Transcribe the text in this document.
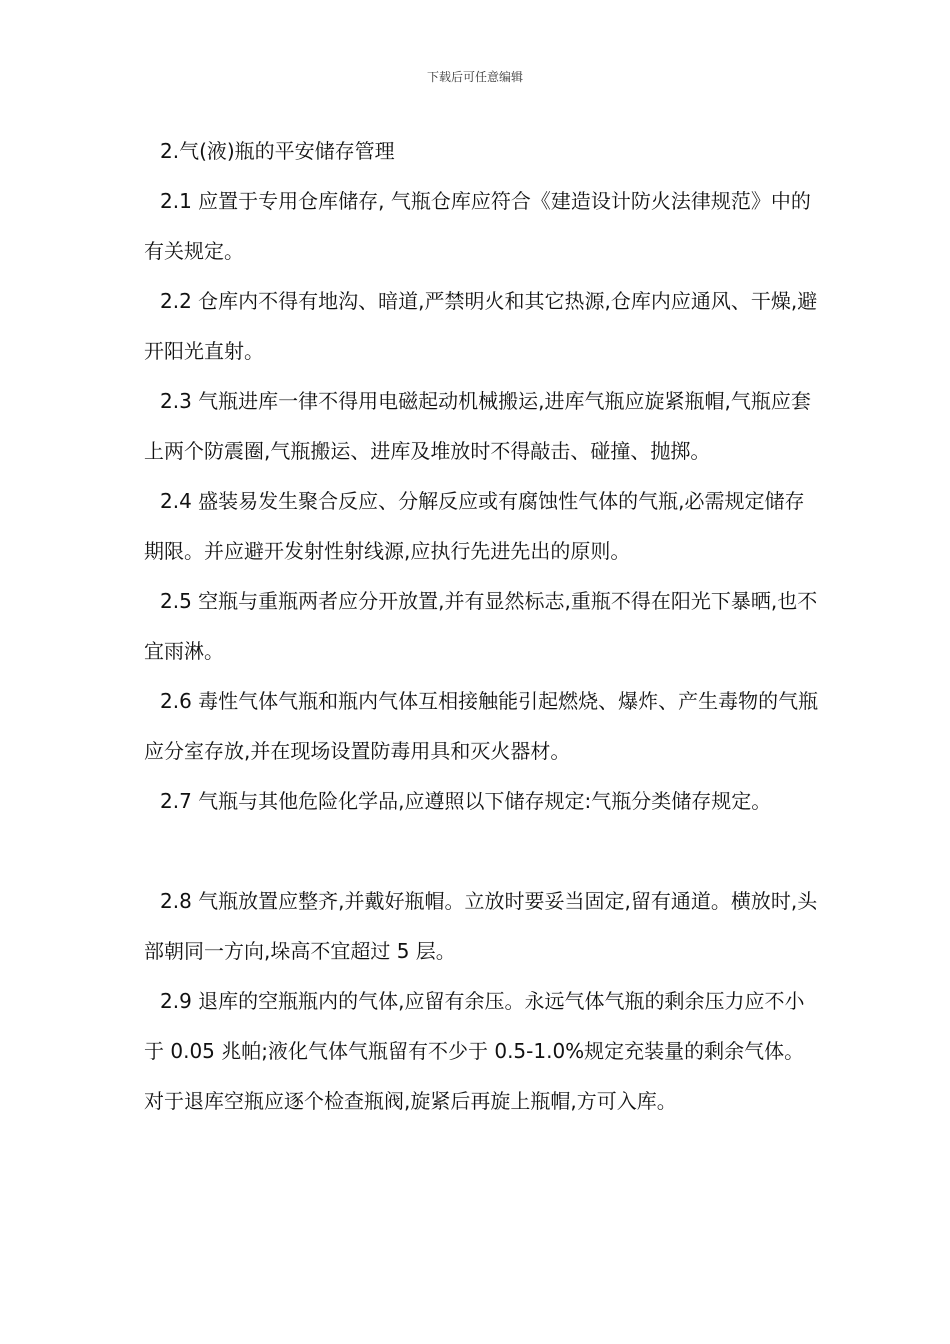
下载后可任意编辑

2.气(液)瓶的平安储存管理

2.1 应置于专用仓库储存, 气瓶仓库应符合《建造设计防火法律规范》中的有关规定。

2.2 仓库内不得有地沟、暗道,严禁明火和其它热源,仓库内应通风、干燥,避开阳光直射。

2.3 气瓶进库一律不得用电磁起动机械搬运,进库气瓶应旋紧瓶帽,气瓶应套上两个防震圈,气瓶搬运、进库及堆放时不得敲击、碰撞、抛掷。

2.4 盛装易发生聚合反应、分解反应或有腐蚀性气体的气瓶,必需规定储存期限。并应避开发射性射线源,应执行先进先出的原则。

2.5 空瓶与重瓶两者应分开放置,并有显然标志,重瓶不得在阳光下暴晒,也不宜雨淋。

2.6 毒性气体气瓶和瓶内气体互相接触能引起燃烧、爆炸、产生毒物的气瓶应分室存放,并在现场设置防毒用具和灭火器材。

2.7 气瓶与其他危险化学品,应遵照以下储存规定:气瓶分类储存规定。

2.8 气瓶放置应整齐,并戴好瓶帽。立放时要妥当固定,留有通道。横放时,头部朝同一方向,垛高不宜超过 5 层。

2.9 退库的空瓶瓶内的气体,应留有余压。永远气体气瓶的剩余压力应不小于 0.05 兆帕;液化气体气瓶留有不少于 0.5-1.0%规定充装量的剩余气体。对于退库空瓶应逐个检查瓶阀,旋紧后再旋上瓶帽,方可入库。
